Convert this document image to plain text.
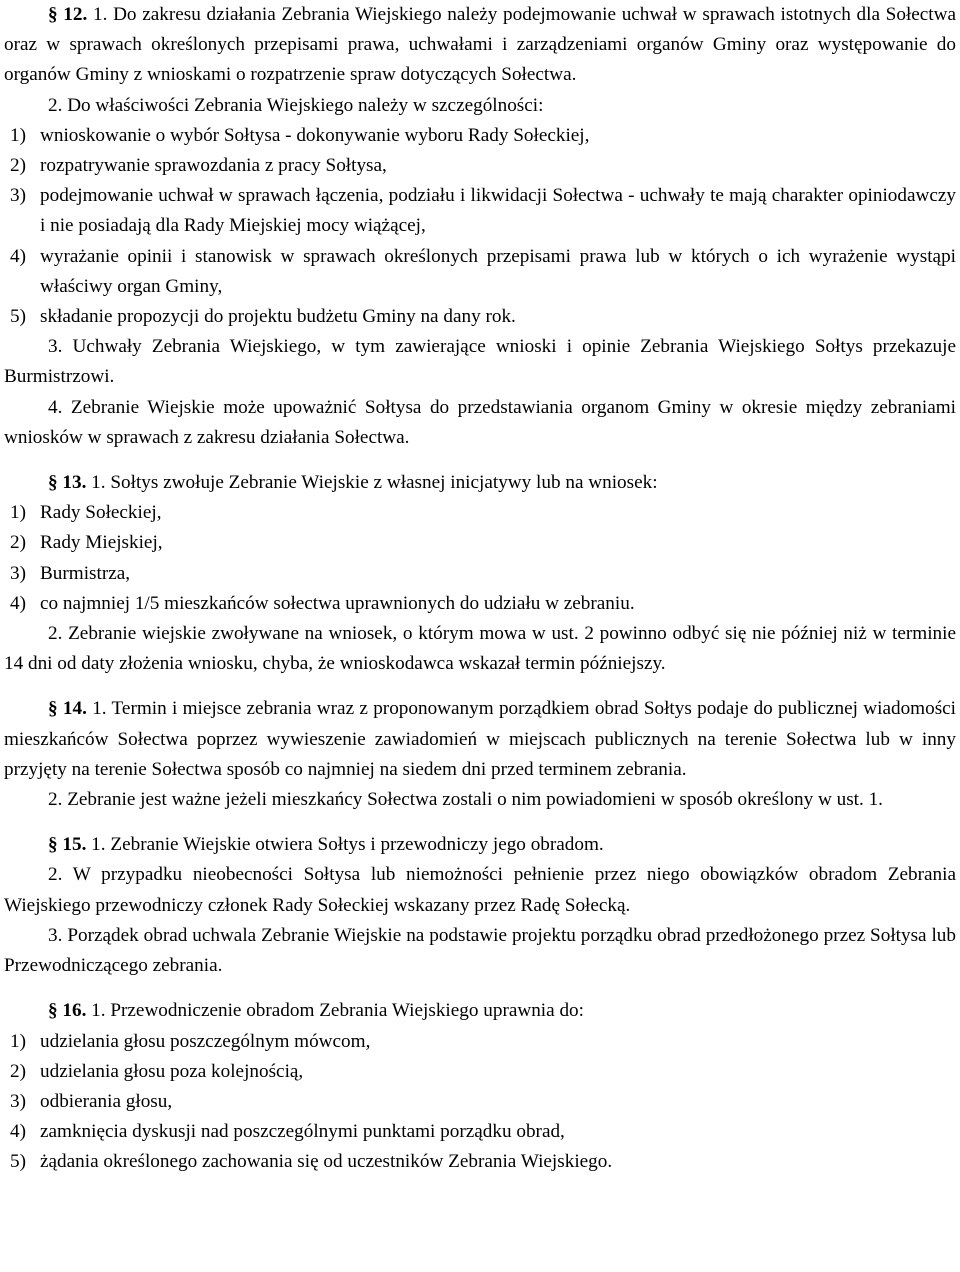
§ 12. 1. Do zakresu działania Zebrania Wiejskiego należy podejmowanie uchwał w sprawach istotnych dla Sołectwa oraz w sprawach określonych przepisami prawa, uchwałami i zarządzeniami organów Gminy oraz występowanie do organów Gminy z wnioskami o rozpatrzenie spraw dotyczących Sołectwa.

2. Do właściwości Zebrania Wiejskiego należy w szczególności:

1) wnioskowanie o wybór Sołtysa - dokonywanie wyboru Rady Sołeckiej,
2) rozpatrywanie sprawozdania z pracy Sołtysa,
3) podejmowanie uchwał w sprawach łączenia, podziału i likwidacji Sołectwa - uchwały te mają charakter opiniodawczy i nie posiadają dla Rady Miejskiej mocy wiążącej,
4) wyrażanie opinii i stanowisk w sprawach określonych przepisami prawa lub w których o ich wyrażenie wystąpi właściwy organ Gminy,
5) składanie propozycji do projektu budżetu Gminy na dany rok.

3. Uchwały Zebrania Wiejskiego, w tym zawierające wnioski i opinie Zebrania Wiejskiego Sołtys przekazuje Burmistrzowi.

4. Zebranie Wiejskie może upoważnić Sołtysa do przedstawiania organom Gminy w okresie między zebraniami wniosków w sprawach z zakresu działania Sołectwa.

§ 13. 1. Sołtys zwołuje Zebranie Wiejskie z własnej inicjatywy lub na wniosek:

1) Rady Sołeckiej,
2) Rady Miejskiej,
3) Burmistrza,
4) co najmniej 1/5 mieszkańców sołectwa uprawnionych do udziału w zebraniu.

2. Zebranie wiejskie zwoływane na wniosek, o którym mowa w ust. 2 powinno odbyć się nie później niż w terminie 14 dni od daty złożenia wniosku, chyba, że wnioskodawca wskazał termin późniejszy.

§ 14. 1. Termin i miejsce zebrania wraz z proponowanym porządkiem obrad Sołtys podaje do publicznej wiadomości mieszkańców Sołectwa poprzez wywieszenie zawiadomień w miejscach publicznych na terenie Sołectwa lub w inny przyjęty na terenie Sołectwa sposób co najmniej na siedem dni przed terminem zebrania.

2. Zebranie jest ważne jeżeli mieszkańcy Sołectwa zostali o nim powiadomieni w sposób określony w ust. 1.

§ 15. 1. Zebranie Wiejskie otwiera Sołtys i przewodniczy jego obradom.

2. W przypadku nieobecności Sołtysa lub niemożności pełnienie przez niego obowiązków obradom Zebrania Wiejskiego przewodniczy członek Rady Sołeckiej wskazany przez Radę Sołecką.

3. Porządek obrad uchwala Zebranie Wiejskie na podstawie projektu porządku obrad przedłożonego przez Sołtysa lub Przewodniczącego zebrania.

§ 16. 1. Przewodniczenie obradom Zebrania Wiejskiego uprawnia do:

1) udzielania głosu poszczególnym mówcom,
2) udzielania głosu poza kolejnością,
3) odbierania głosu,
4) zamknięcia dyskusji nad poszczególnymi punktami porządku obrad,
5) żądania określonego zachowania się od uczestników Zebrania Wiejskiego.
